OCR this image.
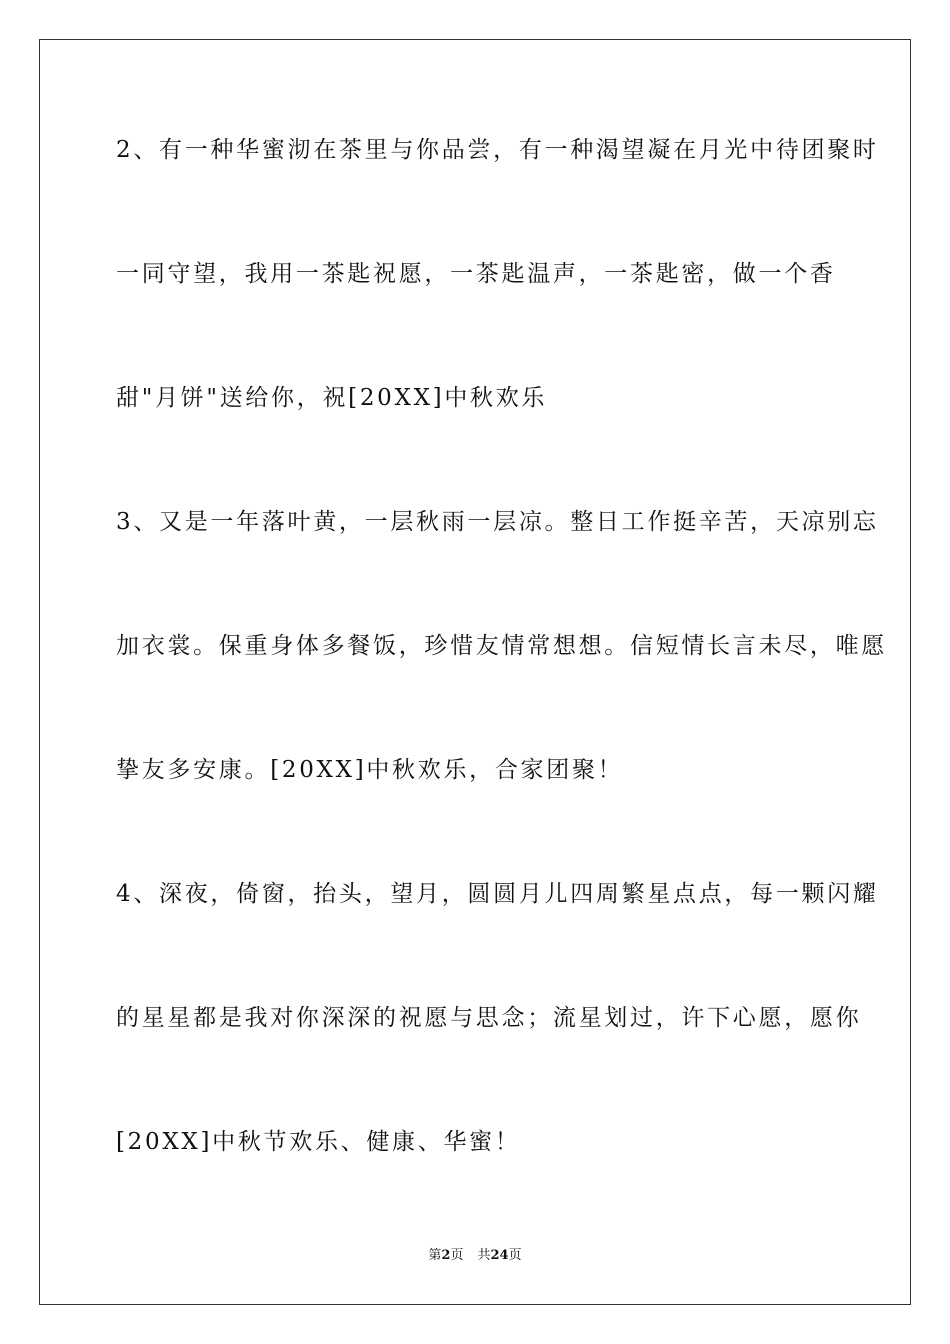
2、有一种华蜜沏在茶里与你品尝，有一种渴望凝在月光中待团聚时
一同守望，我用一茶匙祝愿，一茶匙温声，一茶匙密，做一个香
甜"月饼"送给你，祝[20XX]中秋欢乐
3、又是一年落叶黄，一层秋雨一层凉。整日工作挺辛苦，天凉别忘
加衣裳。保重身体多餐饭，珍惜友情常想想。信短情长言未尽，唯愿
挚友多安康。[20XX]中秋欢乐，合家团聚！
4、深夜，倚窗，抬头，望月，圆圆月儿四周繁星点点，每一颗闪耀
的星星都是我对你深深的祝愿与思念；流星划过，许下心愿，愿你
[20XX]中秋节欢乐、健康、华蜜！
第2页 共24页
